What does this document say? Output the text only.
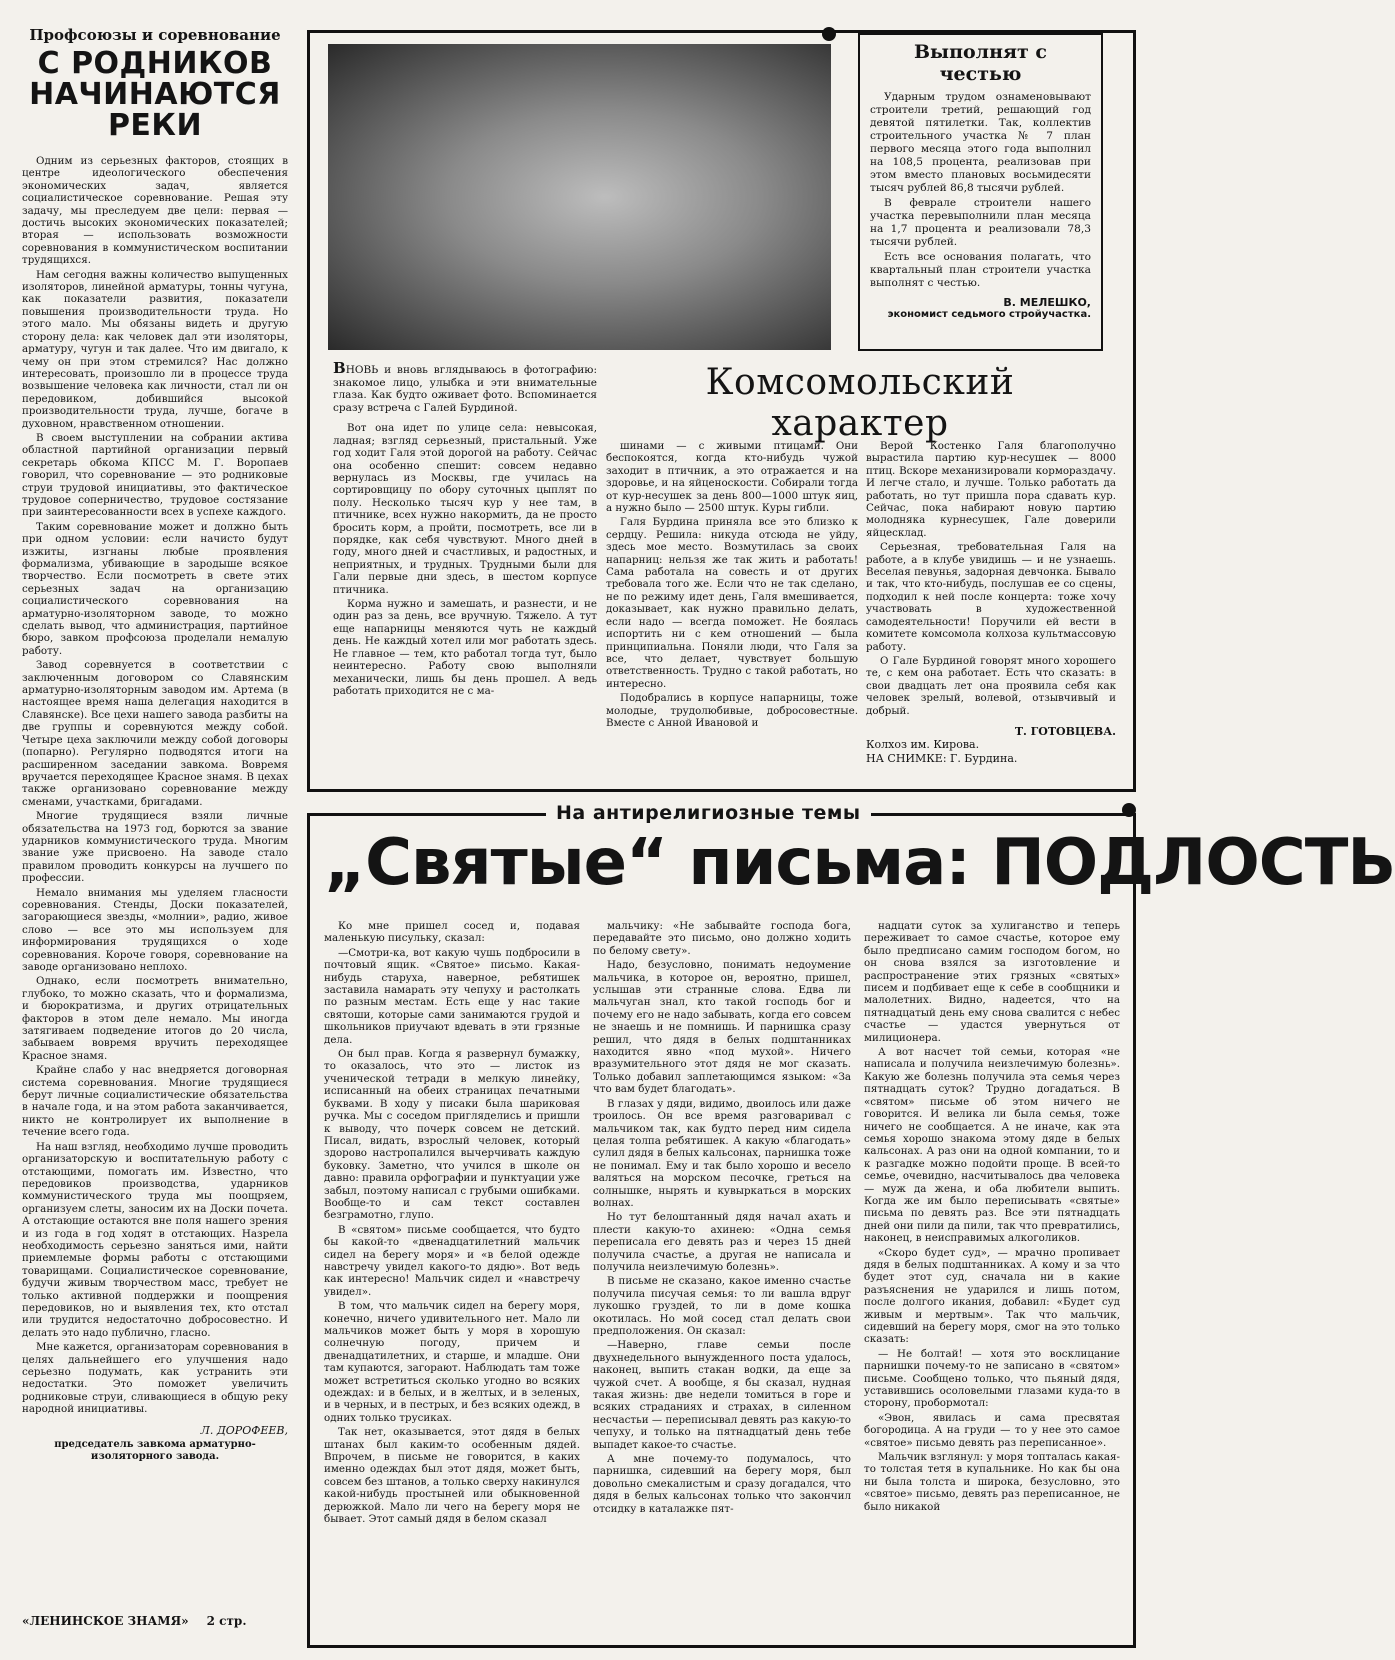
Профсоюзы и соревнование
С РОДНИКОВ НАЧИНАЮТСЯ РЕКИ

Одним из серьезных факторов, стоящих в центре идеологического обеспечения экономических задач, является социалистическое соревнование. Решая эту задачу, мы преследуем две цели: первая — достичь высоких экономических показателей; вторая — использовать возможности соревнования в коммунистическом воспитании трудящихся.

Нам сегодня важны количество выпущенных изоляторов, линейной арматуры, тонны чугуна, как показатели развития, показатели повышения производительности труда. Но этого мало. Мы обязаны видеть и другую сторону дела: как человек дал эти изоляторы, арматуру, чугун и так далее. Что им двигало, к чему он при этом стремился? Нас должно интересовать, произошло ли в процессе труда возвышение человека как личности, стал ли он передовиком, добившийся высокой производительности труда, лучше, богаче в духовном, нравственном отношении.

В своем выступлении на собрании актива областной партийной организации первый секретарь обкома КПСС М. Г. Воропаев говорил, что соревнование — это родниковые струи трудовой инициативы, это фактическое трудовое соперничество, трудовое состязание при заинтересованности всех в успехе каждого.

Таким соревнование может и должно быть при одном условии: если начисто будут изжиты, изгнаны любые проявления формализма, убивающие в зародыше всякое творчество. Если посмотреть в свете этих серьезных задач на организацию социалистического соревнования на арматурно-изоляторном заводе, то можно сделать вывод, что администрация, партийное бюро, завком профсоюза проделали немалую работу.

Завод соревнуется в соответствии с заключенным договором со Славянским арматурно-изоляторным заводом им. Артема (в настоящее время наша делегация находится в Славянске). Все цехи нашего завода разбиты на две группы и соревнуются между собой. Четыре цеха заключили между собой договоры (попарно). Регулярно подводятся итоги на расширенном заседании завкома. Вовремя вручается переходящее Красное знамя. В цехах также организовано соревнование между сменами, участками, бригадами.

Многие трудящиеся взяли личные обязательства на 1973 год, борются за звание ударников коммунистического труда. Многим звание уже присвоено. На заводе стало правилом проводить конкурсы на лучшего по профессии.

Немало внимания мы уделяем гласности соревнования. Стенды, Доски показателей, загорающиеся звезды, «молнии», радио, живое слово — все это мы используем для информирования трудящихся о ходе соревнования. Короче говоря, соревнование на заводе организовано неплохо.

Однако, если посмотреть внимательно, глубоко, то можно сказать, что и формализма, и бюрократизма, и других отрицательных факторов в этом деле немало. Мы иногда затягиваем подведение итогов до 20 числа, забываем вовремя вручить переходящее Красное знамя.

Крайне слабо у нас внедряется договорная система соревнования. Многие трудящиеся берут личные социалистические обязательства в начале года, и на этом работа заканчивается, никто не контролирует их выполнение в течение всего года.

На наш взгляд, необходимо лучше проводить организаторскую и воспитательную работу с отстающими, помогать им. Известно, что передовиков производства, ударников коммунистического труда мы поощряем, организуем слеты, заносим их на Доски почета. А отстающие остаются вне поля нашего зрения и из года в год ходят в отстающих. Назрела необходимость серьезно заняться ими, найти приемлемые формы работы с отстающими товарищами. Социалистическое соревнование, будучи живым творчеством масс, требует не только активной поддержки и поощрения передовиков, но и выявления тех, кто отстал или трудится недостаточно добросовестно. И делать это надо публично, гласно.

Мне кажется, организаторам соревнования в целях дальнейшего его улучшения надо серьезно подумать, как устранить эти недостатки. Это поможет увеличить родниковые струи, сливающиеся в общую реку народной инициативы.

Л. ДОРОФЕЕВ,
председатель завкома арматурно-изоляторного завода.
«ЛЕНИНСКОЕ ЗНАМЯ» 2 стр.
Выполнят с честью

Ударным трудом ознаменовывают строители третий, решающий год девятой пятилетки. Так, коллектив строительного участка № 7 план первого месяца этого года выполнил на 108,5 процента, реализовав при этом вместо плановых восьмидесяти тысяч рублей 86,8 тысячи рублей.

В феврале строители нашего участка перевыполнили план месяца на 1,7 процента и реализовали 78,3 тысячи рублей.

Есть все основания полагать, что квартальный план строители участка выполнят с честью.

В. МЕЛЕШКО,
экономист седьмого стройучастка.
Комсомольский характер
ВНОВЬ и вновь вглядываюсь в фотографию: знакомое лицо, улыбка и эти внимательные глаза. Как будто оживает фото. Вспоминается сразу встреча с Галей Бурдиной.

Вот она идет по улице села: невысокая, ладная; взгляд серьезный, пристальный. Уже год ходит Галя этой дорогой на работу. Сейчас она особенно спешит: совсем недавно вернулась из Москвы, где училась на сортировщицу по обору суточных цыплят по полу. Несколько тысяч кур у нее там, в птичнике, всех нужно накормить, да не просто бросить корм, а пройти, посмотреть, все ли в порядке, как себя чувствуют. Много дней в году, много дней и счастливых, и радостных, и неприятных, и трудных. Трудными были для Гали первые дни здесь, в шестом корпусе птичника.

Корма нужно и замешать, и разнести, и не один раз за день, все вручную. Тяжело. А тут еще напарницы меняются чуть не каждый день. Не каждый хотел или мог работать здесь. Не главное — тем, кто работал тогда тут, было неинтересно. Работу свою выполняли механически, лишь бы день прошел. А ведь работать приходится не с ма-

шинами — с живыми птицами. Они беспокоятся, когда кто-нибудь чужой заходит в птичник, а это отражается и на здоровье, и на яйценоскости. Собирали тогда от кур-несушек за день 800—1000 штук яиц, а нужно было — 2500 штук. Куры гибли.

Галя Бурдина приняла все это близко к сердцу. Решила: никуда отсюда не уйду, здесь мое место. Возмутилась за своих напарниц: нельзя же так жить и работать! Сама работала на совесть и от других требовала того же. Если что не так сделано, не по режиму идет день, Галя вмешивается, доказывает, как нужно правильно делать, если надо — всегда поможет. Не боялась испортить ни с кем отношений — была принципиальна. Поняли люди, что Галя за все, что делает, чувствует большую ответственность. Трудно с такой работать, но интересно.

Подобрались в корпусе напарницы, тоже молодые, трудолюбивые, добросовестные. Вместе с Анной Ивановой и

Верой Костенко Галя благополучно вырастила партию кур-несушек — 8000 птиц. Вскоре механизировали кормораздачу. И легче стало, и лучше. Только работать да работать, но тут пришла пора сдавать кур. Сейчас, пока набирают новую партию молодняка курнесушек, Гале доверили яйцесклад.

Серьезная, требовательная Галя на работе, а в клубе увидишь — и не узнаешь. Веселая певунья, задорная девчонка. Бывало и так, что кто-нибудь, послушав ее со сцены, подходил к ней после концерта: тоже хочу участвовать в художественной самодеятельности! Поручили ей вести в комитете комсомола колхоза культмассовую работу.

О Гале Бурдиной говорят много хорошего те, с кем она работает. Есть что сказать: в свои двадцать лет она проявила себя как человек зрелый, волевой, отзывчивый и добрый.

Т. ГОТОВЦЕВА.
Колхоз им. Кирова.
НА СНИМКЕ: Г. Бурдина.
На антирелигиозные темы
„Святые“ письма: ПОДЛОСТЬ

Ко мне пришел сосед и, подавая маленькую писульку, сказал:

—Смотри-ка, вот какую чушь подбросили в почтовый ящик. «Святое» письмо. Какая-нибудь старуха, наверное, ребятишек заставила намарать эту чепуху и растолкать по разным местам. Есть еще у нас такие святоши, которые сами занимаются грудой и школьников приучают вдевать в эти грязные дела.

Он был прав. Когда я развернул бумажку, то оказалось, что это — листок из ученической тетради в мелкую линейку, исписанный на обеих страницах печатными буквами. В ходу у писаки была шариковая ручка. Мы с соседом пригляделись и пришли к выводу, что почерк совсем не детский. Писал, видать, взрослый человек, который здорово настропалился вычерчивать каждую буковку. Заметно, что учился в школе он давно: правила орфографии и пунктуации уже забыл, поэтому написал с грубыми ошибками. Вообще-то и сам текст составлен безграмотно, глупо.

В «святом» письме сообщается, что будто бы какой-то «двенадцатилетний мальчик сидел на берегу моря» и «в белой одежде навстречу увидел какого-то дядю». Вот ведь как интересно! Мальчик сидел и «навстречу увидел».

В том, что мальчик сидел на берегу моря, конечно, ничего удивительного нет. Мало ли мальчиков может быть у моря в хорошую солнечную погоду, причем и двенадцатилетних, и старше, и младше. Они там купаются, загорают. Наблюдать там тоже может встретиться сколько угодно во всяких одеждах: и в белых, и в желтых, и в зеленых, и в черных, и в пестрых, и без всяких одежд, в одних только трусиках.

Так нет, оказывается, этот дядя в белых штанах был каким-то особенным дядей. Впрочем, в письме не говорится, в каких именно одеждах был этот дядя, может быть, совсем без штанов, а только сверху накинулся какой-нибудь простыней или обыкновенной дерюжкой. Мало ли чего на берегу моря не бывает. Этот самый дядя в белом сказал

мальчику: «Не забывайте господа бога, передавайте это письмо, оно должно ходить по белому свету».

Надо, безусловно, понимать недоумение мальчика, в которое он, вероятно, пришел, услышав эти странные слова. Едва ли мальчуган знал, кто такой господь бог и почему его не надо забывать, когда его совсем не знаешь и не помнишь. И парнишка сразу решил, что дядя в белых подштанниках находится явно «под мухой». Ничего вразумительного этот дядя не мог сказать. Только добавил заплетающимся языком: «За что вам будет благодать».

В глазах у дяди, видимо, двоилось или даже троилось. Он все время разговаривал с мальчиком так, как будто перед ним сидела целая толпа ребятишек. А какую «благодать» сулил дядя в белых кальсонах, парнишка тоже не понимал. Ему и так было хорошо и весело валяться на морском песочке, греться на солнышке, нырять и кувыркаться в морских волнах.

Но тут белоштанный дядя начал ахать и плести какую-то ахинею: «Одна семья переписала его девять раз и через 15 дней получила счастье, а другая не написала и получила неизлечимую болезнь».

В письме не сказано, какое именно счастье получила писучая семья: то ли вашла вдруг лукошко груздей, то ли в доме кошка окотилась. Но мой сосед стал делать свои предположения. Он сказал:

—Наверно, главе семьи после двухнедельного вынужденного поста удалось, наконец, выпить стакан водки, да еще за чужой счет. А вообще, я бы сказал, нудная такая жизнь: две недели томиться в горе и всяких страданиях и страхах, в силенном несчастьи — переписывал девять раз какую-то чепуху, и только на пятнадцатый день тебе выпадет какое-то счастье.

А мне почему-то подумалось, что парнишка, сидевший на берегу моря, был довольно смекалистым и сразу догадался, что дядя в белых кальсонах только что закончил отсидку в каталажке пят-

надцати суток за хулиганство и теперь переживает то самое счастье, которое ему было предписано самим господом богом, но он снова взялся за изготовление и распространение этих грязных «святых» писем и подбивает еще к себе в сообщники и малолетних. Видно, надеется, что на пятнадцатый день ему снова свалится с небес счастье — удастся увернуться от милиционера.

А вот насчет той семьи, которая «не написала и получила неизлечимую болезнь». Какую же болезнь получила эта семья через пятнадцать суток? Трудно догадаться. В «святом» письме об этом ничего не говорится. И велика ли была семья, тоже ничего не сообщается. А не иначе, как эта семья хорошо знакома этому дяде в белых кальсонах. А раз они на одной компании, то и к разгадке можно подойти проще. В всей-то семье, очевидно, насчитывалось два человека — муж да жена, и оба любители выпить. Когда же им было переписывать «святые» письма по девять раз. Все эти пятнадцать дней они пили да пили, так что превратились, наконец, в неисправимых алкоголиков.

«Скоро будет суд», — мрачно пропивает дядя в белых подштанниках. А кому и за что будет этот суд, сначала ни в какие разъяснения не ударился и лишь потом, после долгого икания, добавил: «Будет суд живым и мертвым». Так что мальчик, сидевший на берегу моря, смог на это только сказать:

— Не болтай! — хотя это восклицание парнишки почему-то не записано в «святом» письме. Сообщено только, что пьяный дядя, уставившись осоловелыми глазами куда-то в сторону, пробормотал:

«Эвон, явилась и сама пресвятая богородица. А на груди — то у нее это самое «святое» письмо девять раз переписанное».

Мальчик взглянул: у моря топталась какая-то толстая тетя в купальнике. Но как бы она ни была толста и широка, безусловно, это «святое» письмо, девять раз переписанное, не было никакой
